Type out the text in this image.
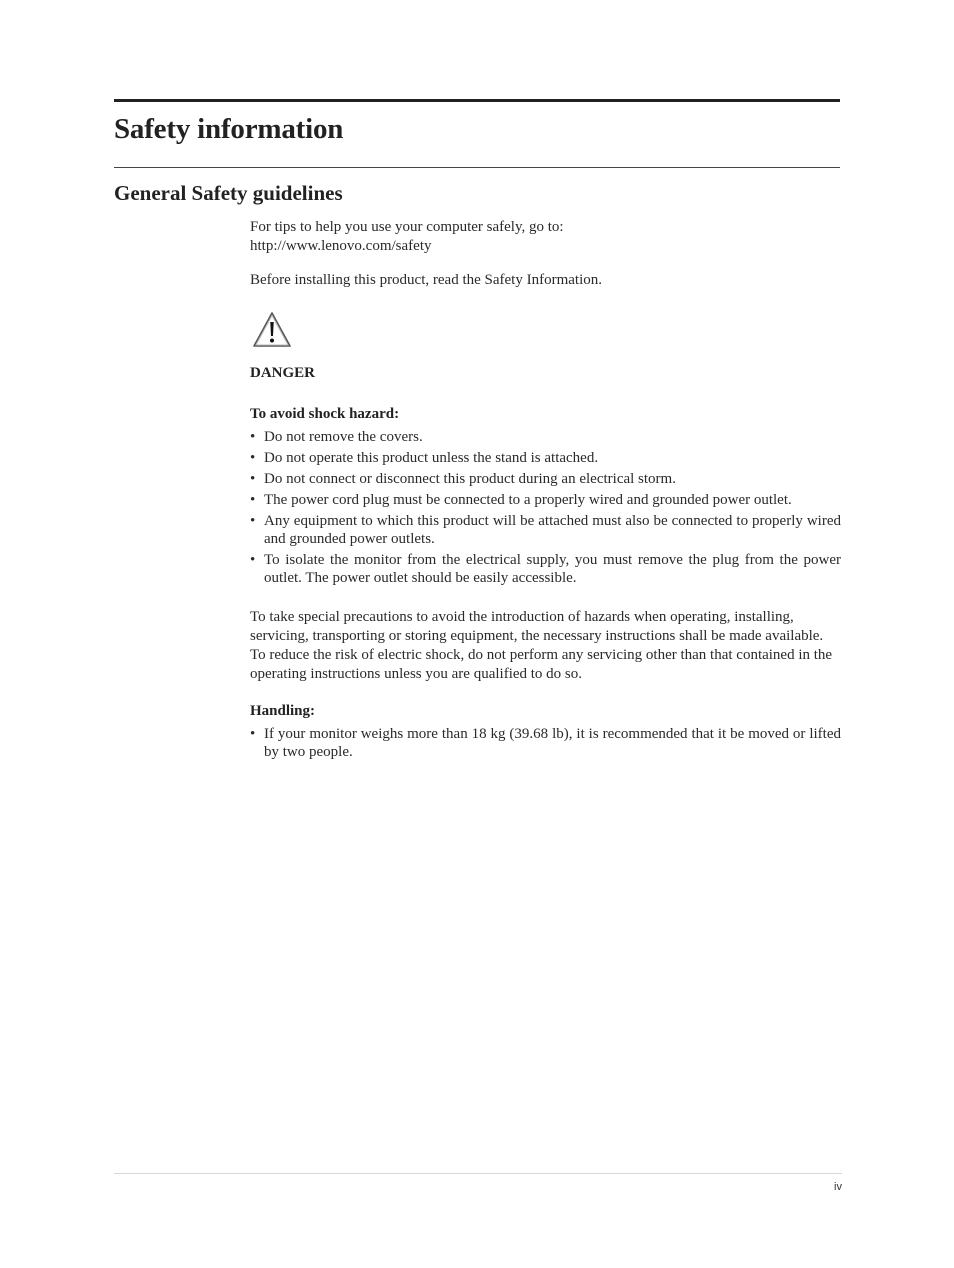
Safety information
General Safety guidelines

For tips to help you use your computer safely, go to:

http://www.lenovo.com/safety

Before installing this product, read the Safety Information.

DANGER

To avoid shock hazard:

• Do not remove the covers.
• Do not operate this product unless the stand is attached.
• Do not connect or disconnect this product during an electrical storm.
• The power cord plug must be connected to a properly wired and grounded power outlet.
• Any equipment to which this product will be attached must also be connected to properly wired and grounded power outlets.
• To isolate the monitor from the electrical supply, you must remove the plug from the power outlet. The power outlet should be easily accessible.

To take special precautions to avoid the introduction of hazards when operating, installing, servicing, transporting or storing equipment, the necessary instructions shall be made available.

To reduce the risk of electric shock, do not perform any servicing other than that contained in the operating instructions unless you are qualified to do so.

Handling:

• If your monitor weighs more than 18 kg (39.68 lb), it is recommended that it be moved or lifted by two people.
iv
